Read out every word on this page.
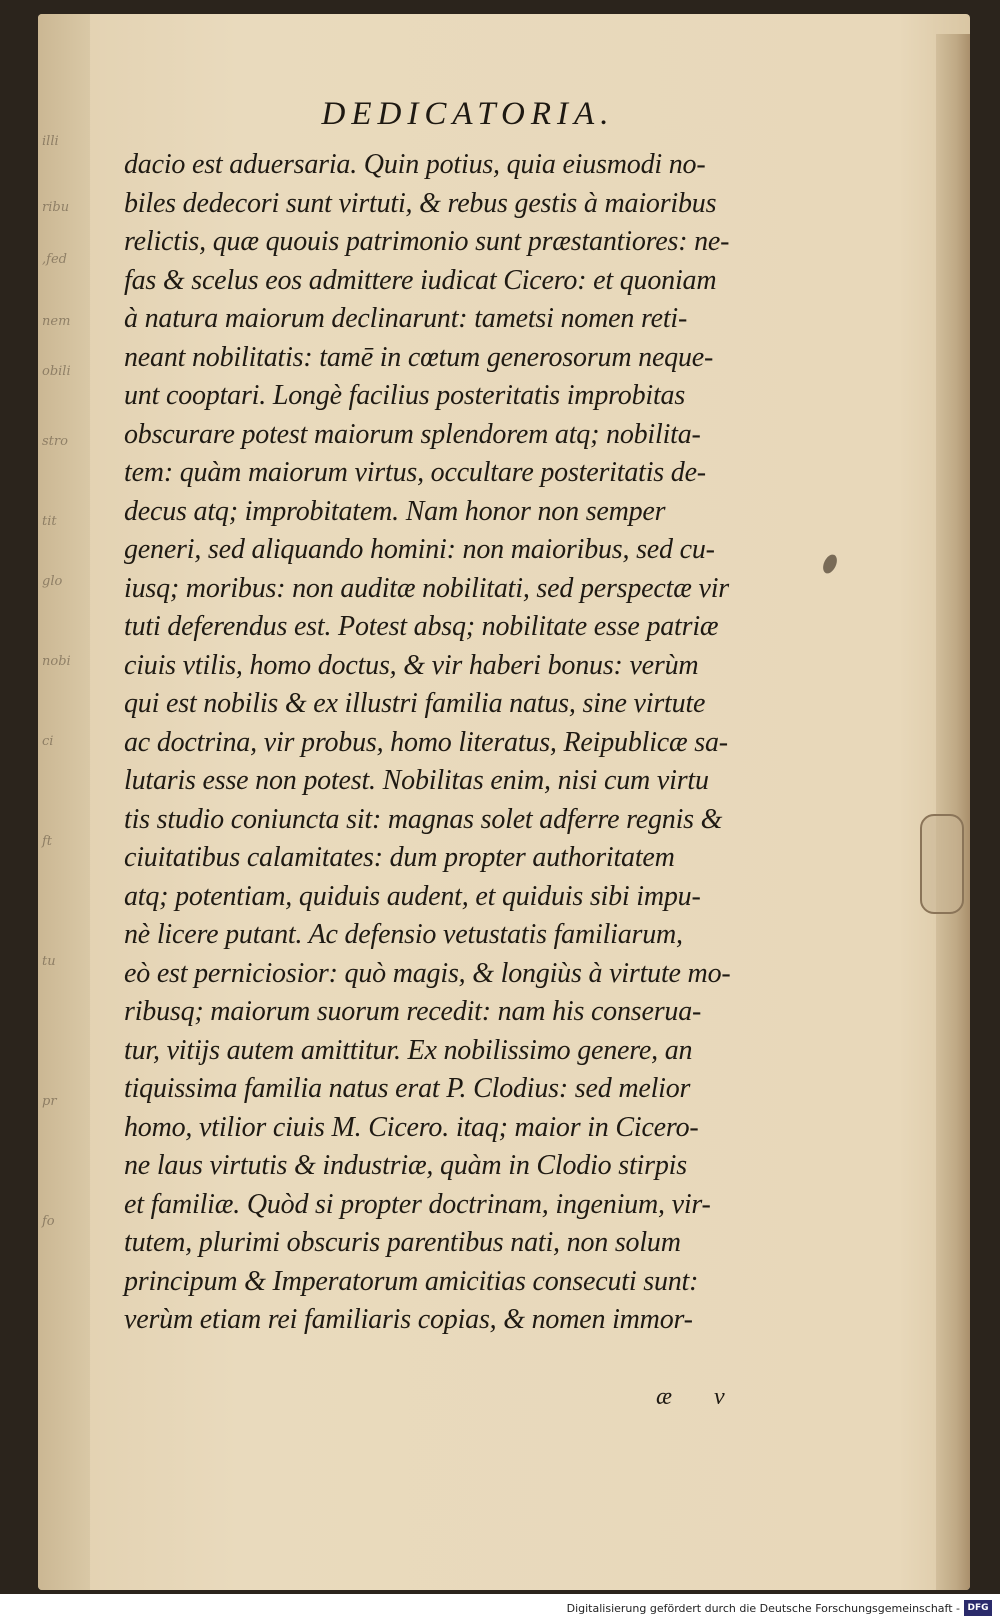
illi
ribu
,fed
nem
obili
stro
tit
glo
nobi
ci
ft
tu
pr
fo
DEDICATORIA.
dacio est aduersaria. Quin potius, quia eiusmodi no-
biles dedecori sunt virtuti, & rebus gestis à maioribus
relictis, quæ quouis patrimonio sunt præstantiores: ne-
fas & scelus eos admittere iudicat Cicero: et quoniam
à natura maiorum declinarunt: tametsi nomen reti-
neant nobilitatis: tamē in cœtum generosorum neque-
unt cooptari. Longè facilius posteritatis improbitas
obscurare potest maiorum splendorem atq; nobilita-
tem: quàm maiorum virtus, occultare posteritatis de-
decus atq; improbitatem. Nam honor non semper
generi, sed aliquando homini: non maioribus, sed cu-
iusq; moribus: non auditæ nobilitati, sed perspectæ vir
tuti deferendus est. Potest absq; nobilitate esse patriæ
ciuis vtilis, homo doctus, & vir haberi bonus: verùm
qui est nobilis & ex illustri familia natus, sine virtute
ac doctrina, vir probus, homo literatus, Reipublicæ sa-
lutaris esse non potest. Nobilitas enim, nisi cum virtu
tis studio coniuncta sit: magnas solet adferre regnis &
ciuitatibus calamitates: dum propter authoritatem
atq; potentiam, quiduis audent, et quiduis sibi impu-
nè licere putant. Ac defensio vetustatis familiarum,
eò est perniciosior: quò magis, & longiùs à virtute mo-
ribusq; maiorum suorum recedit: nam his conserua-
tur, vitijs autem amittitur. Ex nobilissimo genere, an
tiquissima familia natus erat P. Clodius: sed melior
homo, vtilior ciuis M. Cicero. itaq; maior in Cicero-
ne laus virtutis & industriæ, quàm in Clodio stirpis
et familiæ. Quòd si propter doctrinam, ingenium, vir-
tutem, plurimi obscuris parentibus nati, non solum
principum & Imperatorum amicitias consecuti sunt:
verùm etiam rei familiaris copias, & nomen immor-
æ v
Digitalisierung gefördert durch die Deutsche Forschungsgemeinschaft - DFG
